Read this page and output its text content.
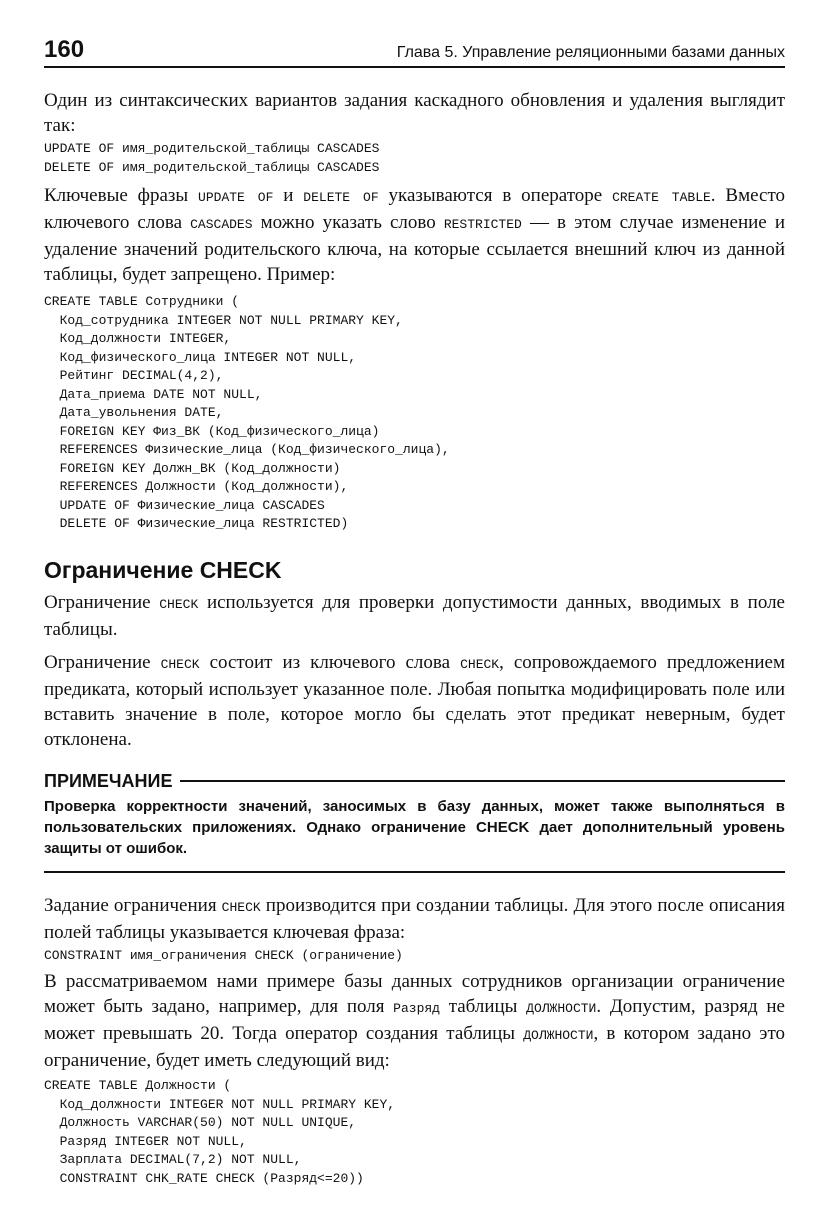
160	Глава 5. Управление реляционными базами данных

Один из синтаксических вариантов задания каскадного обновления и удаления выглядит так:

UPDATE OF имя_родительской_таблицы CASCADES
DELETE OF имя_родительской_таблицы CASCADES

Ключевые фразы UPDATE OF и DELETE OF указываются в операторе CREATE TABLE. Вместо ключевого слова CASCADES можно указать слово RESTRICTED — в этом случае изменение и удаление значений родительского ключа, на которые ссылается внешний ключ из данной таблицы, будет запрещено. Пример:

CREATE TABLE Сотрудники (
Код_сотрудника INTEGER NOT NULL PRIMARY KEY,
Код_должности INTEGER,
Код_физического_лица INTEGER NOT NULL,
Рейтинг DECIMAL(4,2),
Дата_приема DATE NOT NULL,
Дата_увольнения DATE,
FOREIGN KEY Физ_ВК (Код_физического_лица)
REFERENCES Физические_лица (Код_физического_лица),
FOREIGN KEY Должн_ВК (Код_должности)
REFERENCES Должности (Код_должности),
UPDATE OF Физические_лица CASCADES
DELETE OF Физические_лица RESTRICTED)
Ограничение CHECK

Ограничение CHECK используется для проверки допустимости данных, вводимых в поле таблицы.

Ограничение CHECK состоит из ключевого слова CHECK, сопровождаемого предложением предиката, который использует указанное поле. Любая попытка модифицировать поле или вставить значение в поле, которое могло бы сделать этот предикат неверным, будет отклонена.

ПРИМЕЧАНИЕ

Проверка корректности значений, заносимых в базу данных, может также выполняться в пользовательских приложениях. Однако ограничение CHECK дает дополнительный уровень защиты от ошибок.

Задание ограничения CHECK производится при создании таблицы. Для этого после описания полей таблицы указывается ключевая фраза:

CONSTRAINT имя_ограничения CHECK (ограничение)

В рассматриваемом нами примере базы данных сотрудников организации ограничение может быть задано, например, для поля Разряд таблицы ДОЛЖНОСТИ. Допустим, разряд не может превышать 20. Тогда оператор создания таблицы ДОЛЖНОСТИ, в котором задано это ограничение, будет иметь следующий вид:

CREATE TABLE Должности (
Код_должности INTEGER NOT NULL PRIMARY KEY,
Должность VARCHAR(50) NOT NULL UNIQUE,
Разряд INTEGER NOT NULL,
Зарплата DECIMAL(7,2) NOT NULL,
CONSTRAINT CHK_RATE CHECK (Разряд<=20))
